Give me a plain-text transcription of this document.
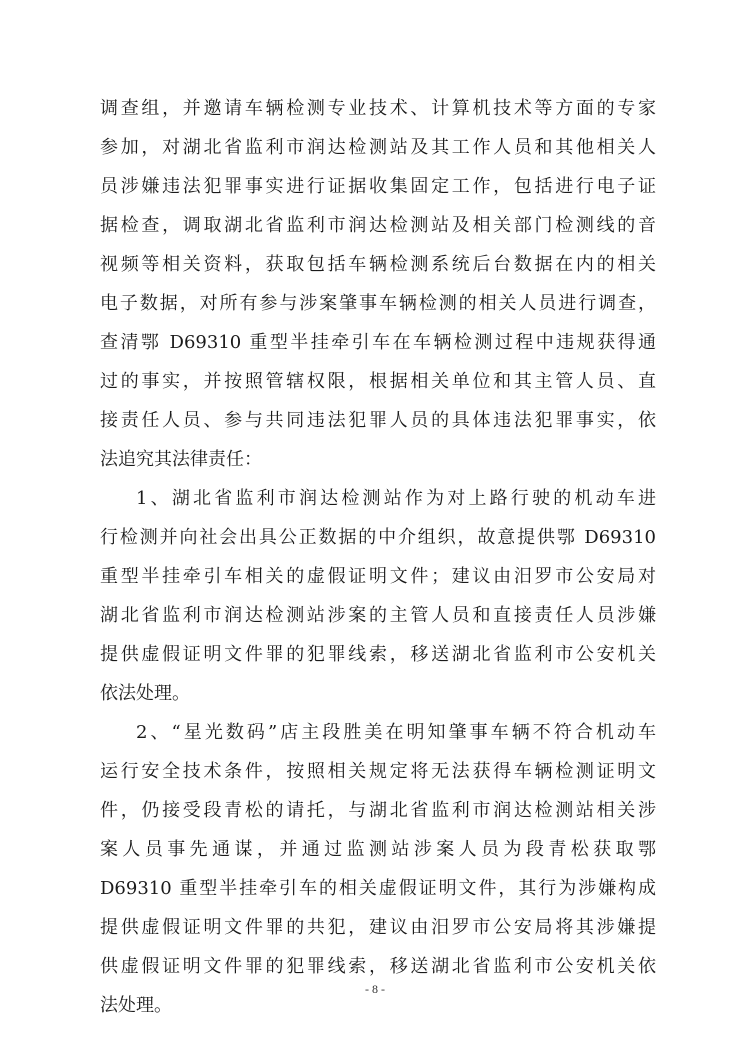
调查组，并邀请车辆检测专业技术、计算机技术等方面的专家
参加，对湖北省监利市润达检测站及其工作人员和其他相关人
员涉嫌违法犯罪事实进行证据收集固定工作，包括进行电子证
据检查，调取湖北省监利市润达检测站及相关部门检测线的音
视频等相关资料，获取包括车辆检测系统后台数据在内的相关
电子数据，对所有参与涉案肇事车辆检测的相关人员进行调查，
查清鄂 D69310 重型半挂牵引车在车辆检测过程中违规获得通
过的事实，并按照管辖权限，根据相关单位和其主管人员、直
接责任人员、参与共同违法犯罪人员的具体违法犯罪事实，依
法追究其法律责任：
1、湖北省监利市润达检测站作为对上路行驶的机动车进
行检测并向社会出具公正数据的中介组织，故意提供鄂 D69310
重型半挂牵引车相关的虚假证明文件；建议由汨罗市公安局对
湖北省监利市润达检测站涉案的主管人员和直接责任人员涉嫌
提供虚假证明文件罪的犯罪线索，移送湖北省监利市公安机关
依法处理。
2、“星光数码”店主段胜美在明知肇事车辆不符合机动车
运行安全技术条件，按照相关规定将无法获得车辆检测证明文
件，仍接受段青松的请托，与湖北省监利市润达检测站相关涉
案人员事先通谋，并通过监测站涉案人员为段青松获取鄂
D69310 重型半挂牵引车的相关虚假证明文件，其行为涉嫌构成
提供虚假证明文件罪的共犯，建议由汨罗市公安局将其涉嫌提
供虚假证明文件罪的犯罪线索，移送湖北省监利市公安机关依
法处理。
- 8 -
